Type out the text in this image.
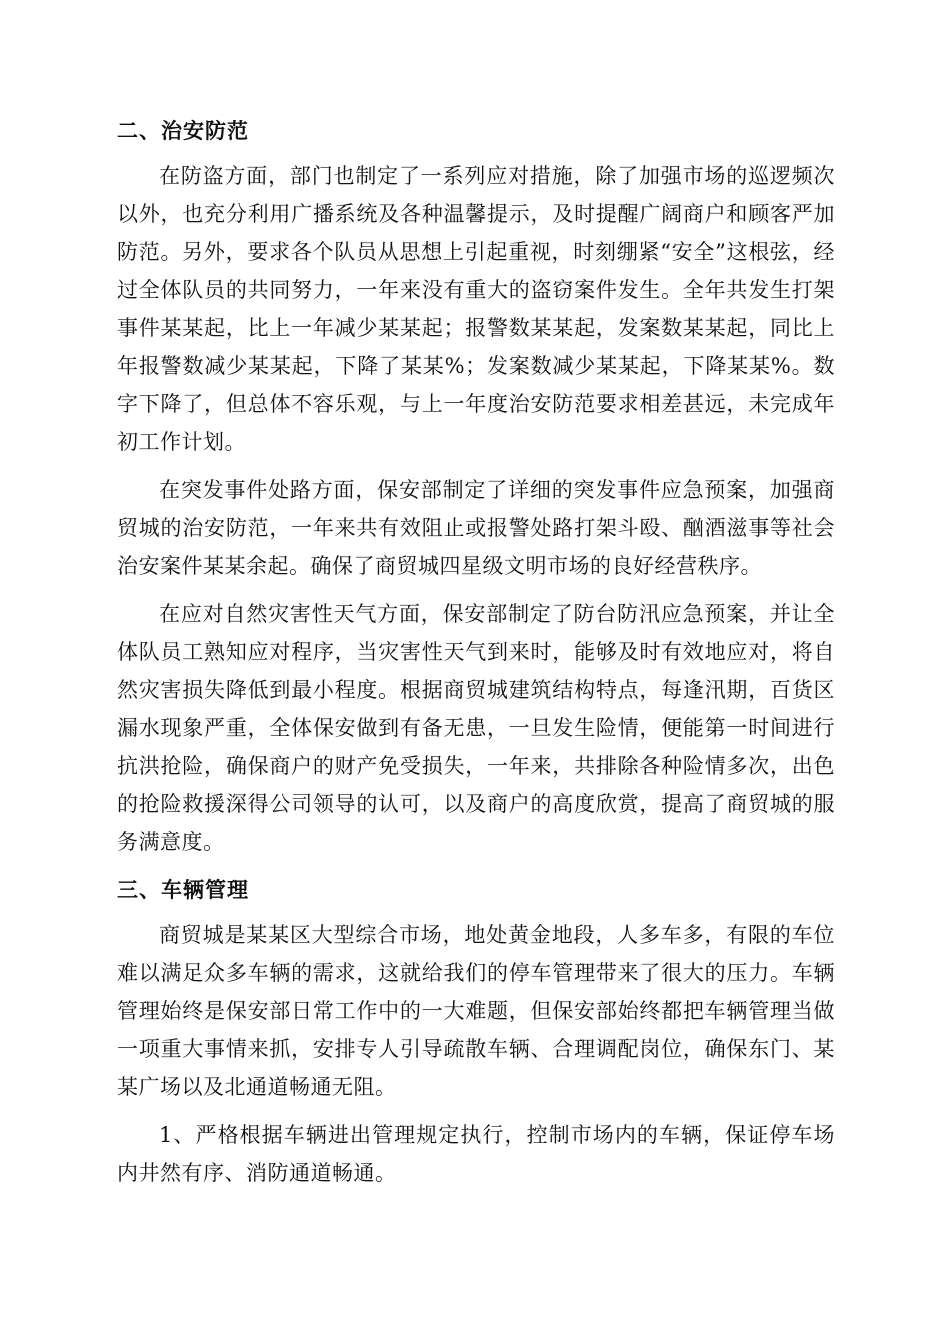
二、治安防范

在防盗方面，部门也制定了一系列应对措施，除了加强市场的巡逻频次以外，也充分利用广播系统及各种温馨提示，及时提醒广阔商户和顾客严加防范。另外，要求各个队员从思想上引起重视，时刻绷紧“安全”这根弦，经过全体队员的共同努力，一年来没有重大的盗窃案件发生。全年共发生打架事件某某起，比上一年减少某某起；报警数某某起，发案数某某起，同比上年报警数减少某某起，下降了某某%；发案数减少某某起，下降某某%。数字下降了，但总体不容乐观，与上一年度治安防范要求相差甚远，未完成年初工作计划。

在突发事件处路方面，保安部制定了详细的突发事件应急预案，加强商贸城的治安防范，一年来共有效阻止或报警处路打架斗殴、酗酒滋事等社会治安案件某某余起。确保了商贸城四星级文明市场的良好经营秩序。

在应对自然灾害性天气方面，保安部制定了防台防汛应急预案，并让全体队员工熟知应对程序，当灾害性天气到来时，能够及时有效地应对，将自然灾害损失降低到最小程度。根据商贸城建筑结构特点，每逢汛期，百货区漏水现象严重，全体保安做到有备无患，一旦发生险情，便能第一时间进行抗洪抢险，确保商户的财产免受损失，一年来，共排除各种险情多次，出色的抢险救援深得公司领导的认可，以及商户的高度欣赏，提高了商贸城的服务满意度。

三、车辆管理

商贸城是某某区大型综合市场，地处黄金地段，人多车多，有限的车位难以满足众多车辆的需求，这就给我们的停车管理带来了很大的压力。车辆管理始终是保安部日常工作中的一大难题，但保安部始终都把车辆管理当做一项重大事情来抓，安排专人引导疏散车辆、合理调配岗位，确保东门、某某广场以及北通道畅通无阻。

1、严格根据车辆进出管理规定执行，控制市场内的车辆，保证停车场内井然有序、消防通道畅通。
